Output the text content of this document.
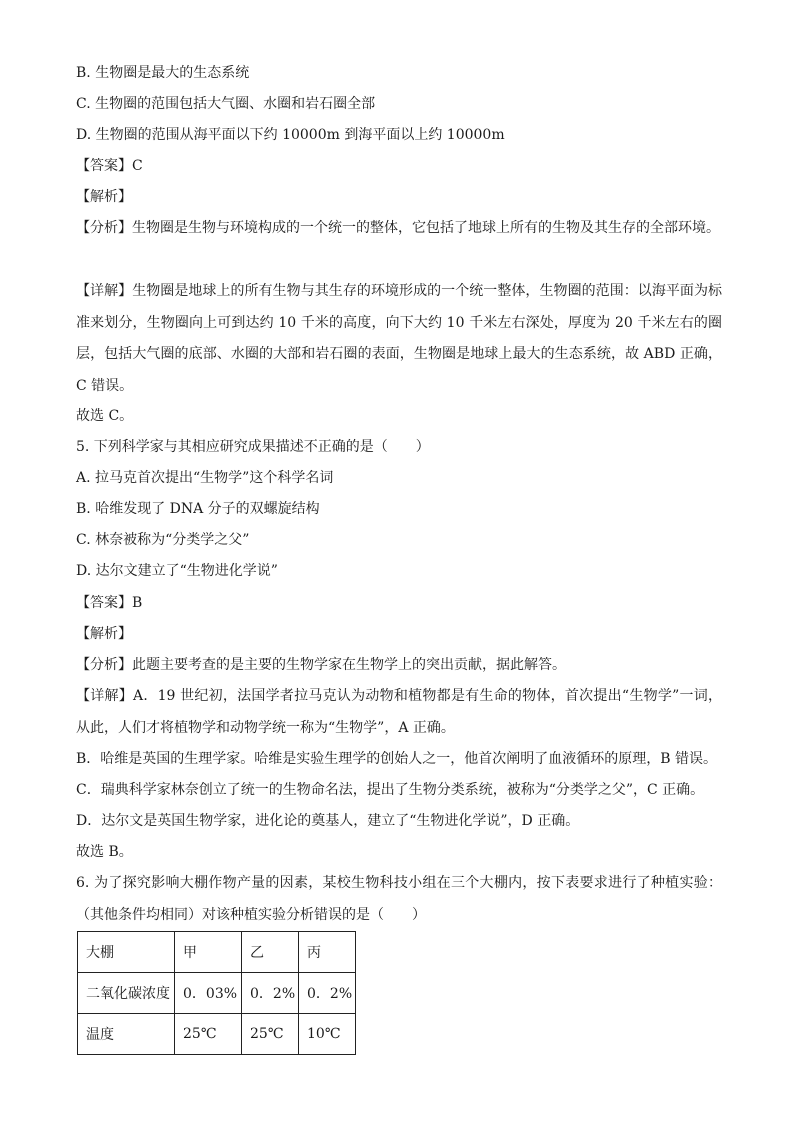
B. 生物圈是最大的生态系统
C. 生物圈的范围包括大气圈、水圈和岩石圈全部
D. 生物圈的范围从海平面以下约 10000m 到海平面以上约 10000m
【答案】C
【解析】
【分析】生物圈是生物与环境构成的一个统一的整体，它包括了地球上所有的生物及其生存的全部环境。
【详解】生物圈是地球上的所有生物与其生存的环境形成的一个统一整体，生物圈的范围：以海平面为标准来划分，生物圈向上可到达约 10 千米的高度，向下大约 10 千米左右深处，厚度为 20 千米左右的圈层，包括大气圈的底部、水圈的大部和岩石圈的表面，生物圈是地球上最大的生态系统，故 ABD 正确，C 错误。
故选 C。
5. 下列科学家与其相应研究成果描述不正确的是（　　）
A. 拉马克首次提出“生物学”这个科学名词
B. 哈维发现了 DNA 分子的双螺旋结构
C. 林奈被称为“分类学之父”
D. 达尔文建立了“生物进化学说”
【答案】B
【解析】
【分析】此题主要考查的是主要的生物学家在生物学上的突出贡献，据此解答。
【详解】A．19 世纪初，法国学者拉马克认为动物和植物都是有生命的物体，首次提出“生物学”一词，从此，人们才将植物学和动物学统一称为“生物学”，A 正确。
B．哈维是英国的生理学家。哈维是实验生理学的创始人之一，他首次阐明了血液循环的原理，B 错误。
C．瑞典科学家林奈创立了统一的生物命名法，提出了生物分类系统，被称为“分类学之父”，C 正确。
D．达尔文是英国生物学家，进化论的奠基人，建立了“生物进化学说”，D 正确。
故选 B。
6. 为了探究影响大棚作物产量的因素，某校生物科技小组在三个大棚内，按下表要求进行了种植实验：（其他条件均相同）对该种植实验分析错误的是（　　）
大棚	甲	乙	丙
二氧化碳浓度	0．03%	0．2%	0．2%
温度	25℃	25℃	10℃
